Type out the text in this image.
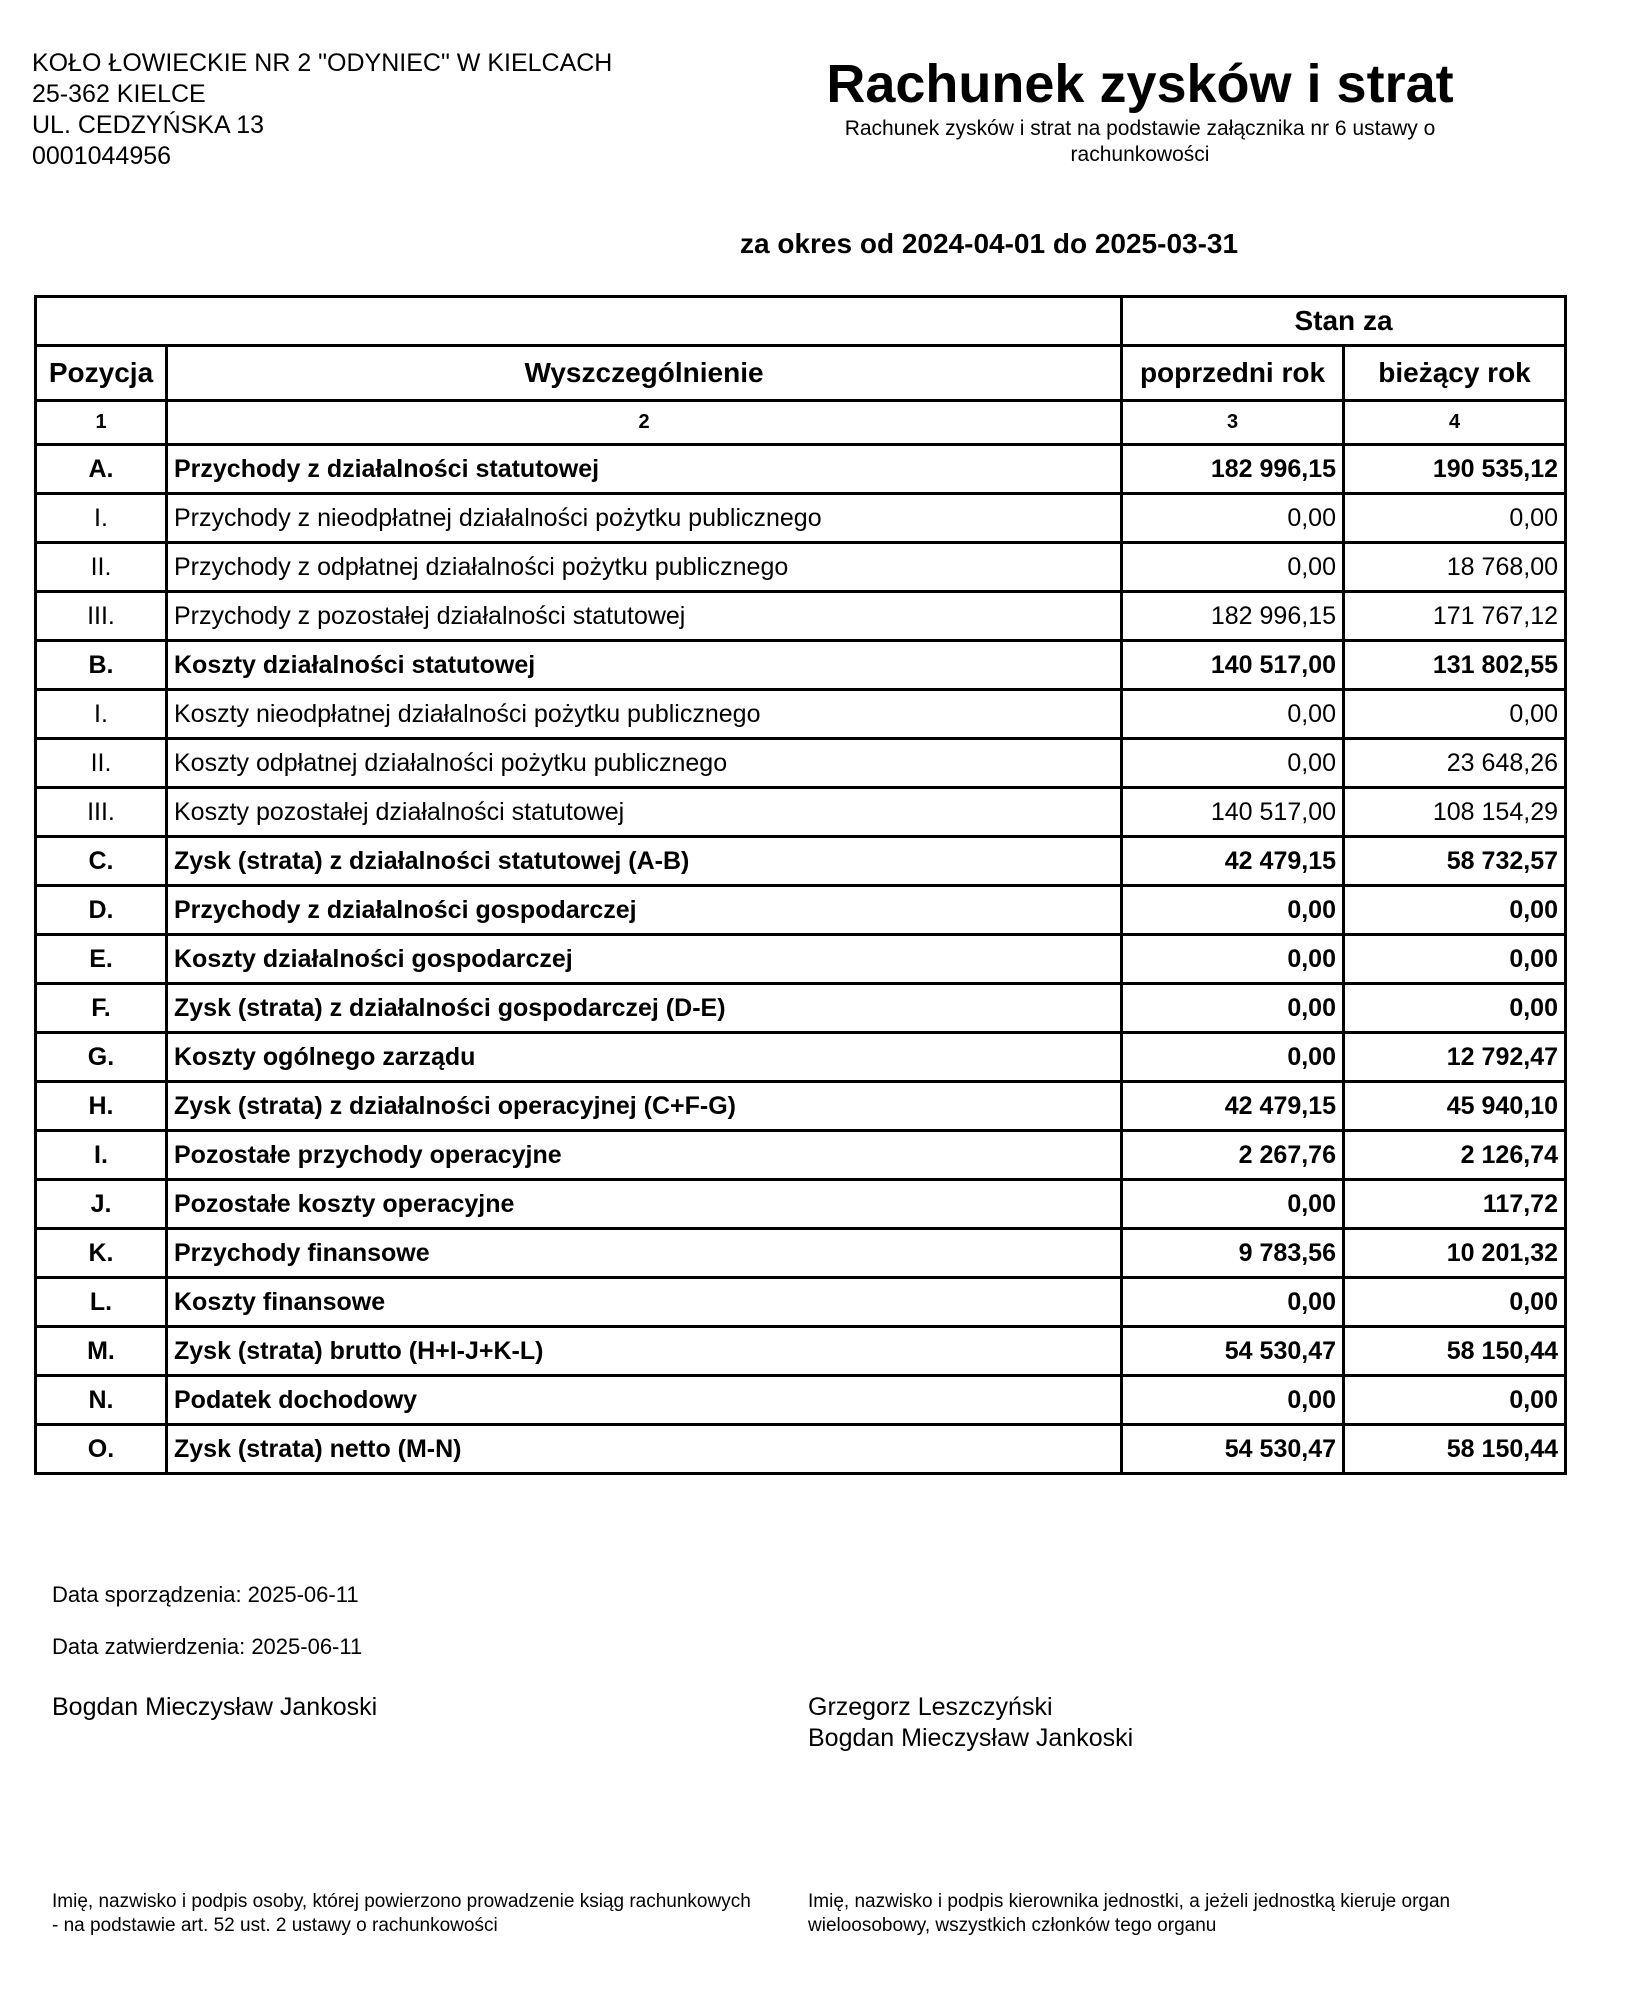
KOŁO ŁOWIECKIE NR 2 "ODYNIEC" W KIELCACH
25-362 KIELCE
UL. CEDZYŃSKA 13
0001044956
Rachunek zysków i strat
Rachunek zysków i strat na podstawie załącznika nr 6 ustawy o rachunkowości
za okres od 2024-04-01 do 2025-03-31
		Stan za	
Pozycja	Wyszczególnienie	poprzedni rok	bieżący rok
1	2	3	4
A.	Przychody z działalności statutowej	182 996,15	190 535,12
I.	Przychody z nieodpłatnej działalności pożytku publicznego	0,00	0,00
II.	Przychody z odpłatnej działalności pożytku publicznego	0,00	18 768,00
III.	Przychody z pozostałej działalności statutowej	182 996,15	171 767,12
B.	Koszty działalności statutowej	140 517,00	131 802,55
I.	Koszty nieodpłatnej działalności pożytku publicznego	0,00	0,00
II.	Koszty odpłatnej działalności pożytku publicznego	0,00	23 648,26
III.	Koszty pozostałej działalności statutowej	140 517,00	108 154,29
C.	Zysk (strata) z działalności statutowej (A-B)	42 479,15	58 732,57
D.	Przychody z działalności gospodarczej	0,00	0,00
E.	Koszty działalności gospodarczej	0,00	0,00
F.	Zysk (strata) z działalności gospodarczej (D-E)	0,00	0,00
G.	Koszty ogólnego zarządu	0,00	12 792,47
H.	Zysk (strata) z działalności operacyjnej (C+F-G)	42 479,15	45 940,10
I.	Pozostałe przychody operacyjne	2 267,76	2 126,74
J.	Pozostałe koszty operacyjne	0,00	117,72
K.	Przychody finansowe	9 783,56	10 201,32
L.	Koszty finansowe	0,00	0,00
M.	Zysk (strata) brutto (H+I-J+K-L)	54 530,47	58 150,44
N.	Podatek dochodowy	0,00	0,00
O.	Zysk (strata) netto (M-N)	54 530,47	58 150,44
Data sporządzenia: 2025-06-11
Data zatwierdzenia: 2025-06-11
Bogdan Mieczysław Jankoski	Grzegorz Leszczyński
Bogdan Mieczysław Jankoski
Imię, nazwisko i podpis osoby, której powierzono prowadzenie ksiąg rachunkowych - na podstawie art. 52 ust. 2 ustawy o rachunkowości
Imię, nazwisko i podpis kierownika jednostki, a jeżeli jednostką kieruje organ wieloosobowy, wszystkich członków tego organu
